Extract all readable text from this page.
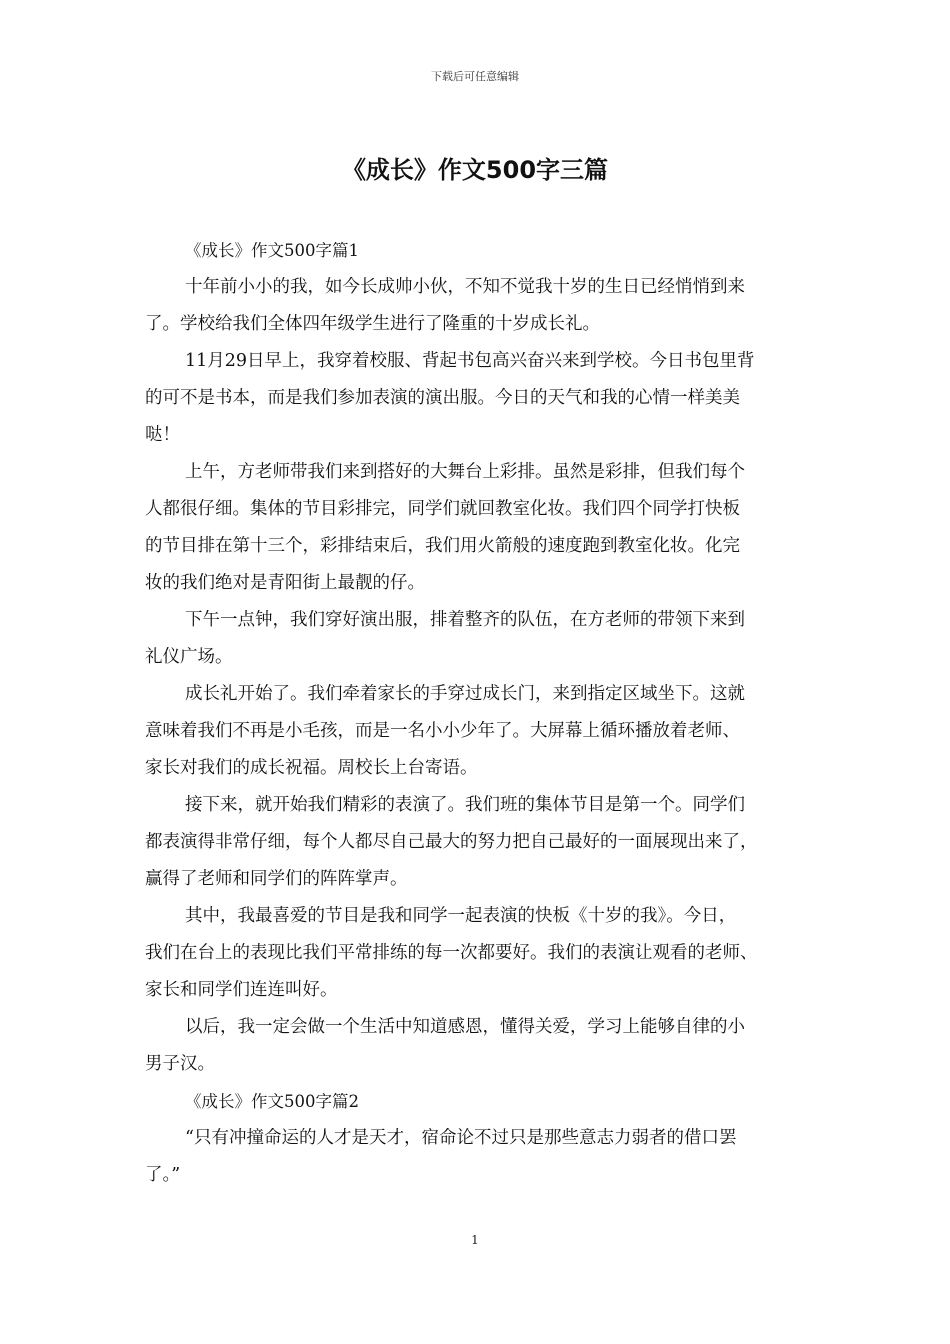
下载后可任意编辑
《成长》作文500字三篇
《成长》作文500字篇1
十年前小小的我，如今长成帅小伙，不知不觉我十岁的生日已经悄悄到来
了。学校给我们全体四年级学生进行了隆重的十岁成长礼。
11月29日早上，我穿着校服、背起书包高兴奋兴来到学校。今日书包里背
的可不是书本，而是我们参加表演的演出服。今日的天气和我的心情一样美美
哒！
上午，方老师带我们来到搭好的大舞台上彩排。虽然是彩排，但我们每个
人都很仔细。集体的节目彩排完，同学们就回教室化妆。我们四个同学打快板
的节目排在第十三个，彩排结束后，我们用火箭般的速度跑到教室化妆。化完
妆的我们绝对是青阳街上最靓的仔。
下午一点钟，我们穿好演出服，排着整齐的队伍，在方老师的带领下来到
礼仪广场。
成长礼开始了。我们牵着家长的手穿过成长门，来到指定区域坐下。这就
意味着我们不再是小毛孩，而是一名小小少年了。大屏幕上循环播放着老师、
家长对我们的成长祝福。周校长上台寄语。
接下来，就开始我们精彩的表演了。我们班的集体节目是第一个。同学们
都表演得非常仔细，每个人都尽自己最大的努力把自己最好的一面展现出来了，
赢得了老师和同学们的阵阵掌声。
其中，我最喜爱的节目是我和同学一起表演的快板《十岁的我》。今日，
我们在台上的表现比我们平常排练的每一次都要好。我们的表演让观看的老师、
家长和同学们连连叫好。
以后，我一定会做一个生活中知道感恩，懂得关爱，学习上能够自律的小
男子汉。
《成长》作文500字篇2
“只有冲撞命运的人才是天才，宿命论不过只是那些意志力弱者的借口罢
了。”
1
